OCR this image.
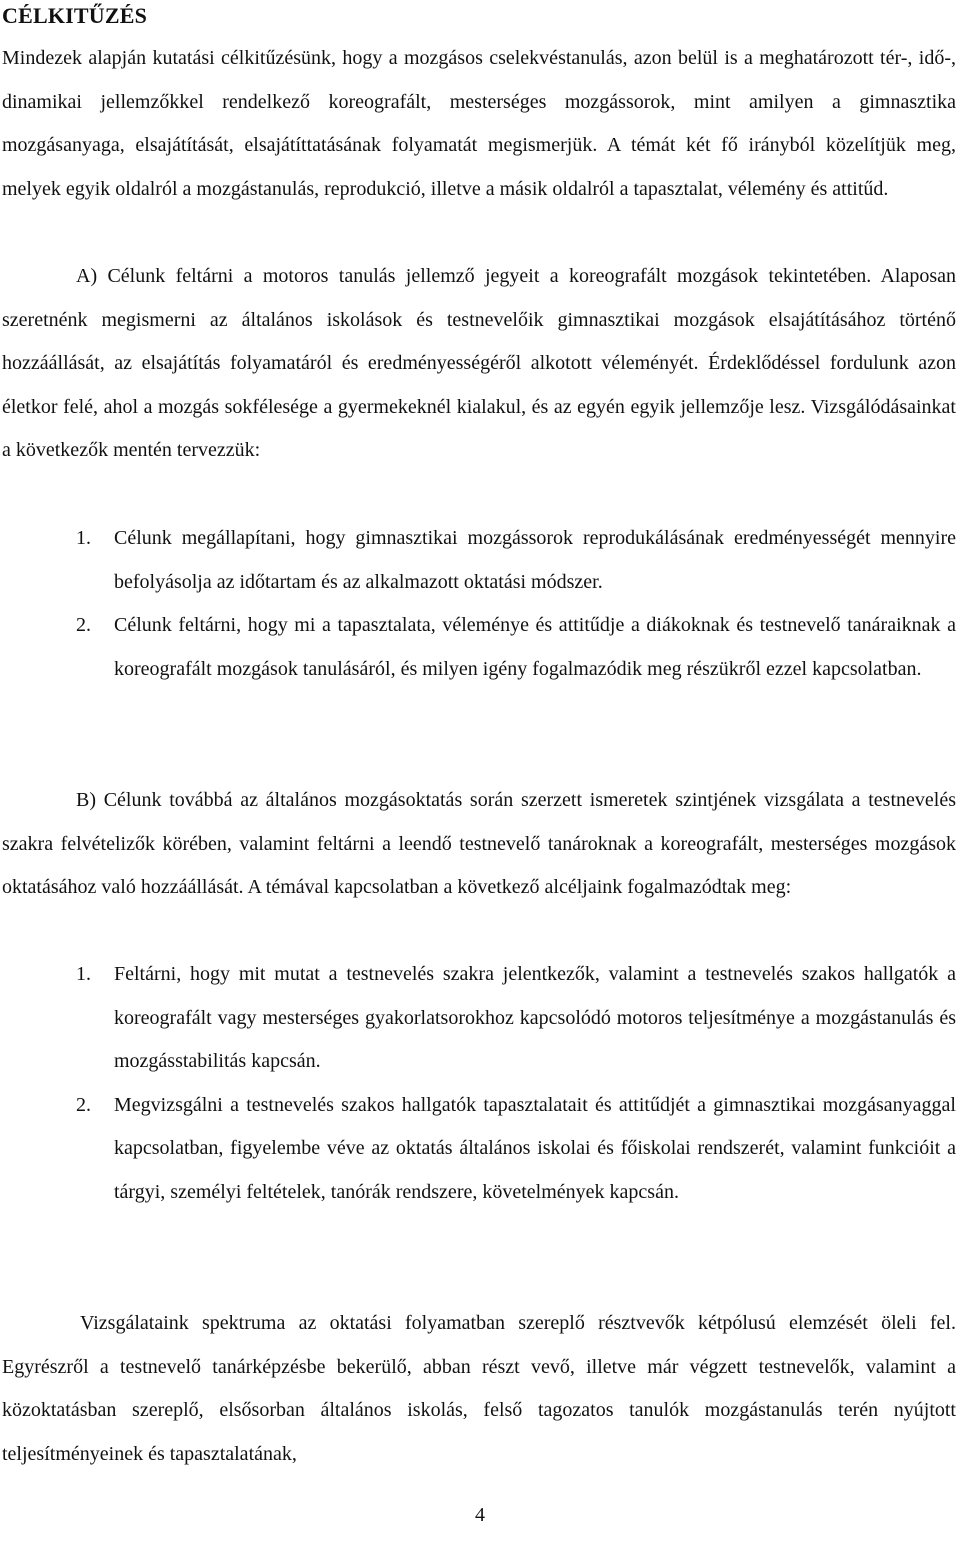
CÉLKITŰZÉS
Mindezek alapján kutatási célkitűzésünk, hogy a mozgásos cselekvéstanulás, azon belül is a meghatározott tér-, idő-, dinamikai jellemzőkkel rendelkező koreografált, mesterséges mozgássorok, mint amilyen a gimnasztika mozgásanyaga, elsajátítását, elsajátíttatásának folyamatát megismerjük. A témát két fő irányból közelítjük meg, melyek egyik oldalról a mozgástanulás, reprodukció, illetve a másik oldalról a tapasztalat, vélemény és attitűd.
A) Célunk feltárni a motoros tanulás jellemző jegyeit a koreografált mozgások tekintetében. Alaposan szeretnénk megismerni az általános iskolások és testnevelőik gimnasztikai mozgások elsajátításához történő hozzáállását, az elsajátítás folyamatáról és eredményességéről alkotott véleményét. Érdeklődéssel fordulunk azon életkor felé, ahol a mozgás sokfélesége a gyermekeknél kialakul, és az egyén egyik jellemzője lesz. Vizsgálódásainkat a következők mentén tervezzük:
1.	Célunk megállapítani, hogy gimnasztikai mozgássorok reprodukálásának eredményességét mennyire befolyásolja az időtartam és az alkalmazott oktatási módszer.
2.	Célunk feltárni, hogy mi a tapasztalata, véleménye és attitűdje a diákoknak és testnevelő tanáraiknak a koreografált mozgások tanulásáról, és milyen igény fogalmazódik meg részükről ezzel kapcsolatban.
B) Célunk továbbá az általános mozgásoktatás során szerzett ismeretek szintjének vizsgálata a testnevelés szakra felvételizők körében, valamint feltárni a leendő testnevelő tanároknak a koreografált, mesterséges mozgások oktatásához való hozzáállását. A témával kapcsolatban a következő alcéljaink fogalmazódtak meg:
1.	Feltárni, hogy mit mutat a testnevelés szakra jelentkezők, valamint a testnevelés szakos hallgatók a koreografált vagy mesterséges gyakorlatsorokhoz kapcsolódó motoros teljesítménye a mozgástanulás és mozgásstabilitás kapcsán.
2.	Megvizsgálni a testnevelés szakos hallgatók tapasztalatait és attitűdjét a gimnasztikai mozgásanyaggal kapcsolatban, figyelembe véve az oktatás általános iskolai és főiskolai rendszerét, valamint funkcióit a tárgyi, személyi feltételek, tanórák rendszere, követelmények kapcsán.
Vizsgálataink spektruma az oktatási folyamatban szereplő résztvevők kétpólusú elemzését öleli fel. Egyrészről a testnevelő tanárképzésbe bekerülő, abban részt vevő, illetve már végzett testnevelők, valamint a közoktatásban szereplő, elsősorban általános iskolás, felső tagozatos tanulók mozgástanulás terén nyújtott teljesítményeinek és tapasztalatának,
4
